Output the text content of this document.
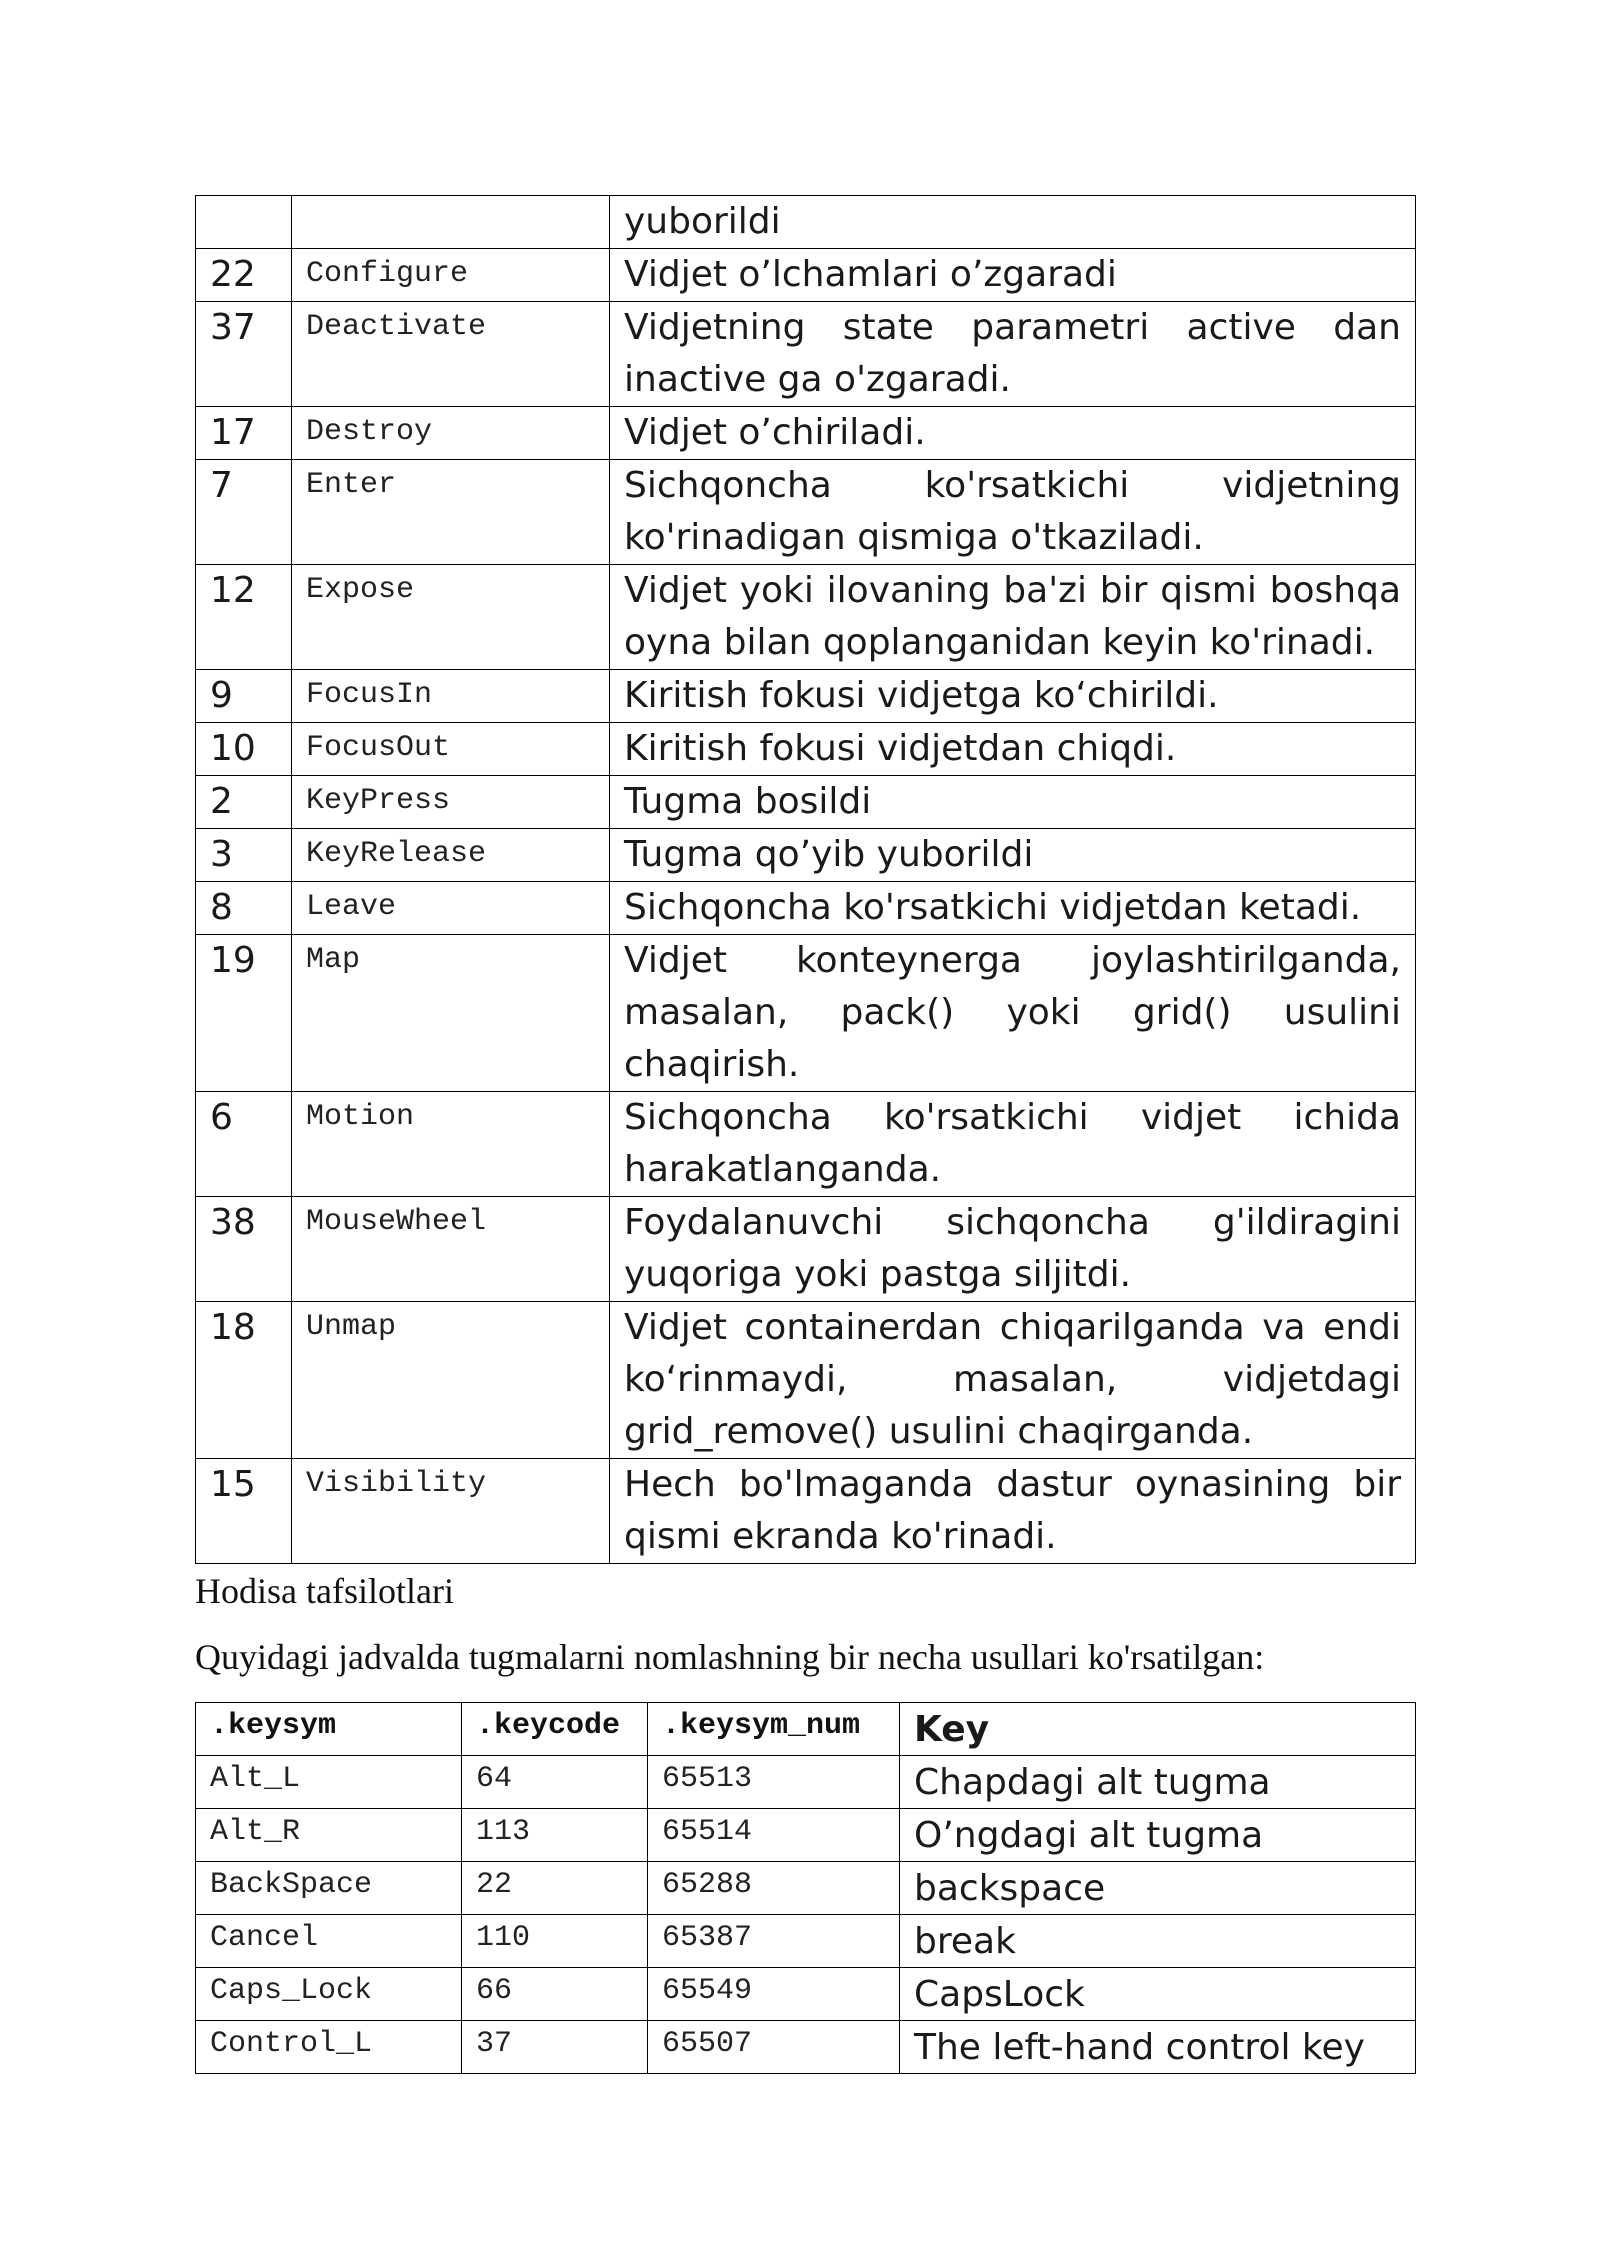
		yuborildi
22	Configure	Vidjet o’lchamlari o’zgaradi
37	Deactivate	Vidjetning state parametri active dan inactive ga o'zgaradi.
17	Destroy	Vidjet o’chiriladi.
7	Enter	Sichqoncha ko'rsatkichi vidjetning ko'rinadigan qismiga o'tkaziladi.
12	Expose	Vidjet yoki ilovaning ba'zi bir qismi boshqa oyna bilan qoplanganidan keyin ko'rinadi.
9	FocusIn	Kiritish fokusi vidjetga ko‘chirildi.
10	FocusOut	Kiritish fokusi vidjetdan chiqdi.
2	KeyPress	Tugma bosildi
3	KeyRelease	Tugma qo’yib yuborildi
8	Leave	Sichqoncha ko'rsatkichi vidjetdan ketadi.
19	Map	Vidjet konteynerga joylashtirilganda, masalan, pack() yoki grid() usulini chaqirish.
6	Motion	Sichqoncha ko'rsatkichi vidjet ichida harakatlanganda.
38	MouseWheel	Foydalanuvchi sichqoncha g'ildiragini yuqoriga yoki pastga siljitdi.
18	Unmap	Vidjet containerdan chiqarilganda va endi ko‘rinmaydi, masalan, vidjetdagi grid_remove() usulini chaqirganda.
15	Visibility	Hech bo'lmaganda dastur oynasining bir qismi ekranda ko'rinadi.
Hodisa tafsilotlari
Quyidagi jadvalda tugmalarni nomlashning bir necha usullari ko'rsatilgan:
.keysym	.keycode	.keysym_num	Key
Alt_L	64	65513	Chapdagi alt tugma
Alt_R	113	65514	O’ngdagi alt tugma
BackSpace	22	65288	backspace
Cancel	110	65387	break
Caps_Lock	66	65549	CapsLock
Control_L	37	65507	The left-hand control key
